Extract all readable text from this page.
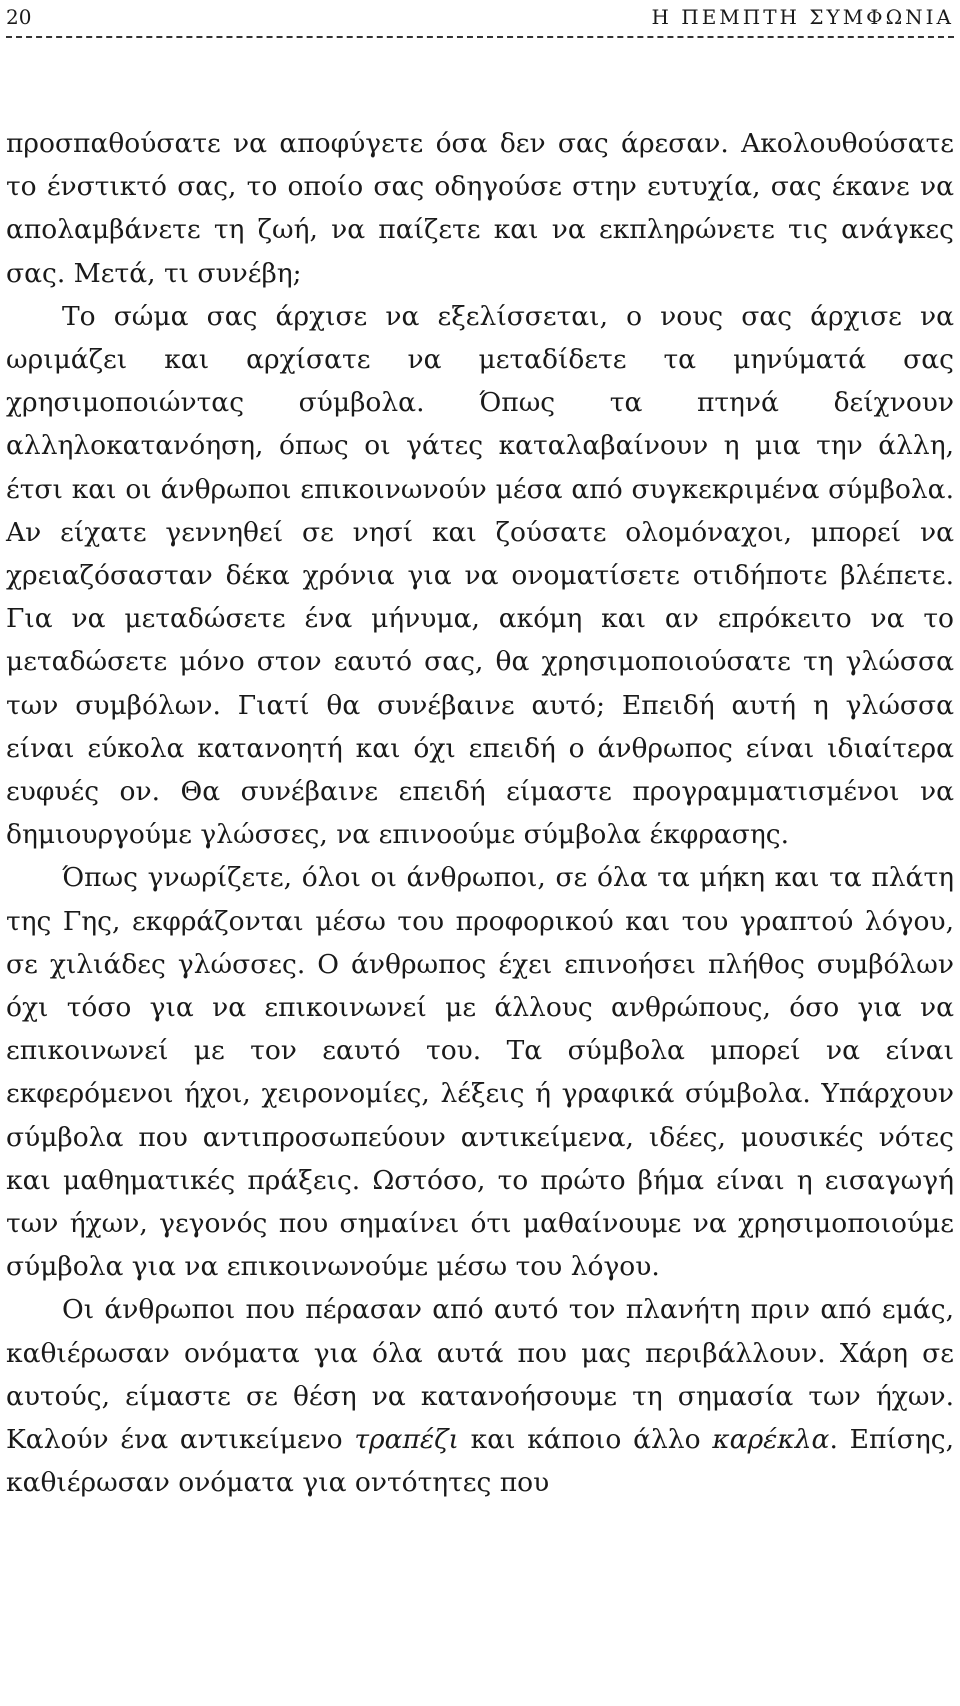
20	Η ΠΕΜΠΤΗ ΣΥΜΦΩΝΙΑ

προσπαθούσατε να αποφύγετε όσα δεν σας άρεσαν. Ακολουθούσατε το ένστικτό σας, το οποίο σας οδηγούσε στην ευτυχία, σας έκανε να απολαμβάνετε τη ζωή, να παίζετε και να εκπληρώνετε τις ανάγκες σας. Μετά, τι συνέβη;

Το σώμα σας άρχισε να εξελίσσεται, ο νους σας άρχισε να ωριμάζει και αρχίσατε να μεταδίδετε τα μηνύματά σας χρησιμοποιώντας σύμβολα. Όπως τα πτηνά δείχνουν αλληλοκατανόηση, όπως οι γάτες καταλαβαίνουν η μια την άλλη, έτσι και οι άνθρωποι επικοινωνούν μέσα από συγκεκριμένα σύμβολα. Αν είχατε γεννηθεί σε νησί και ζούσατε ολομόναχοι, μπορεί να χρειαζόσασταν δέκα χρόνια για να ονοματίσετε οτιδήποτε βλέπετε. Για να μεταδώσετε ένα μήνυμα, ακόμη και αν επρόκειτο να το μεταδώσετε μόνο στον εαυτό σας, θα χρησιμοποιούσατε τη γλώσσα των συμβόλων. Γιατί θα συνέβαινε αυτό; Επειδή αυτή η γλώσσα είναι εύκολα κατανοητή και όχι επειδή ο άνθρωπος είναι ιδιαίτερα ευφυές ον. Θα συνέβαινε επειδή είμαστε προγραμματισμένοι να δημιουργούμε γλώσσες, να επινοούμε σύμβολα έκφρασης.

Όπως γνωρίζετε, όλοι οι άνθρωποι, σε όλα τα μήκη και τα πλάτη της Γης, εκφράζονται μέσω του προφορικού και του γραπτού λόγου, σε χιλιάδες γλώσσες. Ο άνθρωπος έχει επινοήσει πλήθος συμβόλων όχι τόσο για να επικοινωνεί με άλλους ανθρώπους, όσο για να επικοινωνεί με τον εαυτό του. Τα σύμβολα μπορεί να είναι εκφερόμενοι ήχοι, χειρονομίες, λέξεις ή γραφικά σύμβολα. Υπάρχουν σύμβολα που αντιπροσωπεύουν αντικείμενα, ιδέες, μουσικές νότες και μαθηματικές πράξεις. Ωστόσο, το πρώτο βήμα είναι η εισαγωγή των ήχων, γεγονός που σημαίνει ότι μαθαίνουμε να χρησιμοποιούμε σύμβολα για να επικοινωνούμε μέσω του λόγου.

Οι άνθρωποι που πέρασαν από αυτό τον πλανήτη πριν από εμάς, καθιέρωσαν ονόματα για όλα αυτά που μας περιβάλλουν. Χάρη σε αυτούς, είμαστε σε θέση να κατανοήσουμε τη σημασία των ήχων. Καλούν ένα αντικείμενο τραπέζι και κάποιο άλλο καρέκλα. Επίσης, καθιέρωσαν ονόματα για οντότητες που
